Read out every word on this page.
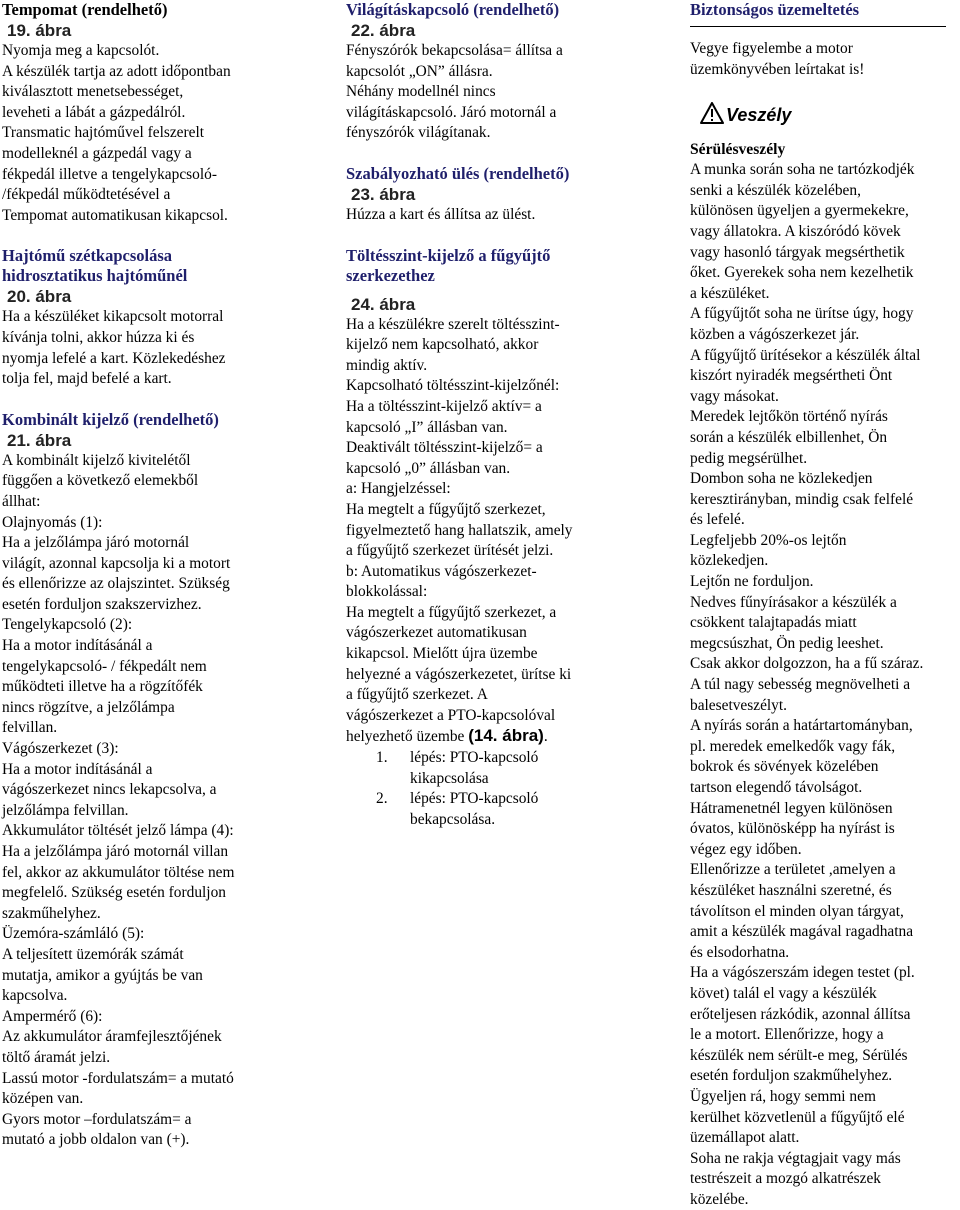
Tempomat (rendelhető)

19. ábra

Nyomja meg a kapcsolót.

A készülék tartja az adott időpontban

kiválasztott menetsebességet,

leveheti a lábát a gázpedálról.

Transmatic hajtóművel felszerelt

modelleknél a gázpedál vagy a

fékpedál illetve a tengelykapcsoló-

/fékpedál működtetésével a

Tempomat automatikusan kikapcsol.

Hajtómű szétkapcsolása

hidrosztatikus hajtóműnél

20. ábra

Ha a készüléket kikapcsolt motorral

kívánja tolni, akkor húzza ki és

nyomja lefelé a kart. Közlekedéshez

tolja fel, majd befelé a kart.

Kombinált kijelző (rendelhető)

21. ábra

A kombinált kijelző kivitelétől

függően a következő elemekből

állhat:

Olajnyomás (1):

Ha a jelzőlámpa járó motornál

világít, azonnal kapcsolja ki a motort

és ellenőrizze az olajszintet. Szükség

esetén forduljon szakszervizhez.

Tengelykapcsoló (2):

Ha a motor indításánál a

tengelykapcsoló- / fékpedált nem

működteti illetve ha a rögzítőfék

nincs rögzítve, a jelzőlámpa

felvillan.

Vágószerkezet (3):

Ha a motor indításánál a

vágószerkezet nincs lekapcsolva, a

jelzőlámpa felvillan.

Akkumulátor töltését jelző lámpa (4):

Ha a jelzőlámpa járó motornál villan

fel, akkor az akkumulátor töltése nem

megfelelő. Szükség esetén forduljon

szakműhelyhez.

Üzemóra-számláló (5):

A teljesített üzemórák számát

mutatja, amikor a gyújtás be van

kapcsolva.

Ampermérő (6):

Az akkumulátor áramfejlesztőjének

töltő áramát jelzi.

Lassú motor -fordulatszám= a mutató

középen van.

Gyors motor –fordulatszám= a

mutató a jobb oldalon van (+).

Világításkapcsoló (rendelhető)

22. ábra

Fényszórók bekapcsolása= állítsa a

kapcsolót „ON” állásra.

Néhány modellnél nincs

világításkapcsoló. Járó motornál a

fényszórók világítanak.

Szabályozható ülés (rendelhető)

23. ábra

Húzza a kart és állítsa az ülést.

Töltésszint-kijelző a fűgyűjtő

szerkezethez

24. ábra

Ha a készülékre szerelt töltésszint-

kijelző nem kapcsolható, akkor

mindig aktív.

Kapcsolható töltésszint-kijelzőnél:

Ha a töltésszint-kijelző aktív= a

kapcsoló „I” állásban van.

Deaktivált töltésszint-kijelző= a

kapcsoló „0” állásban van.

a: Hangjelzéssel:

Ha megtelt a fűgyűjtő szerkezet,

figyelmeztető hang hallatszik, amely

a fűgyűjtő szerkezet ürítését jelzi.

b: Automatikus vágószerkezet-

blokkolással:

Ha megtelt a fűgyűjtő szerkezet, a

vágószerkezet automatikusan

kikapcsol. Mielőtt újra üzembe

helyezné a vágószerkezetet, ürítse ki

a fűgyűjtő szerkezet. A

vágószerkezet a PTO-kapcsolóval

helyezhető üzembe (14. ábra).

1. lépés: PTO-kapcsoló
kikapcsolása
2. lépés: PTO-kapcsoló
bekapcsolása.

Biztonságos üzemeltetés

Vegye figyelembe a motor

üzemkönyvében leírtakat is!

Veszély

Sérülésveszély

A munka során soha ne tartózkodjék

senki a készülék közelében,

különösen ügyeljen a gyermekekre,

vagy állatokra. A kiszóródó kövek

vagy hasonló tárgyak megsérthetik

őket. Gyerekek soha nem kezelhetik

a készüléket.

A fűgyűjtőt soha ne ürítse úgy, hogy

közben a vágószerkezet jár.

A fűgyűjtő ürítésekor a készülék által

kiszórt nyiradék megsértheti Önt

vagy másokat.

Meredek lejtőkön történő nyírás

során a készülék elbillenhet, Ön

pedig megsérülhet.

Dombon soha ne közlekedjen

keresztirányban, mindig csak felfelé

és lefelé.

Legfeljebb 20%-os lejtőn

közlekedjen.

Lejtőn ne forduljon.

Nedves fűnyírásakor a készülék a

csökkent talajtapadás miatt

megcsúszhat, Ön pedig leeshet.

Csak akkor dolgozzon, ha a fű száraz.

A túl nagy sebesség megnövelheti a

balesetveszélyt.

A nyírás során a határtartományban,

pl. meredek emelkedők vagy fák,

bokrok és sövények közelében

tartson elegendő távolságot.

Hátramenetnél legyen különösen

óvatos, különösképp ha nyírást is

végez egy időben.

Ellenőrizze a területet ,amelyen a

készüléket használni szeretné, és

távolítson el minden olyan tárgyat,

amit a készülék magával ragadhatna

és elsodorhatna.

Ha a vágószerszám idegen testet (pl.

követ) talál el vagy a készülék

erőteljesen rázkódik, azonnal állítsa

le a motort. Ellenőrizze, hogy a

készülék nem sérült-e meg, Sérülés

esetén forduljon szakműhelyhez.

Ügyeljen rá, hogy semmi nem

kerülhet közvetlenül a fűgyűjtő elé

üzemállapot alatt.

Soha ne rakja végtagjait vagy más

testrészeit a mozgó alkatrészek

közelébe.
